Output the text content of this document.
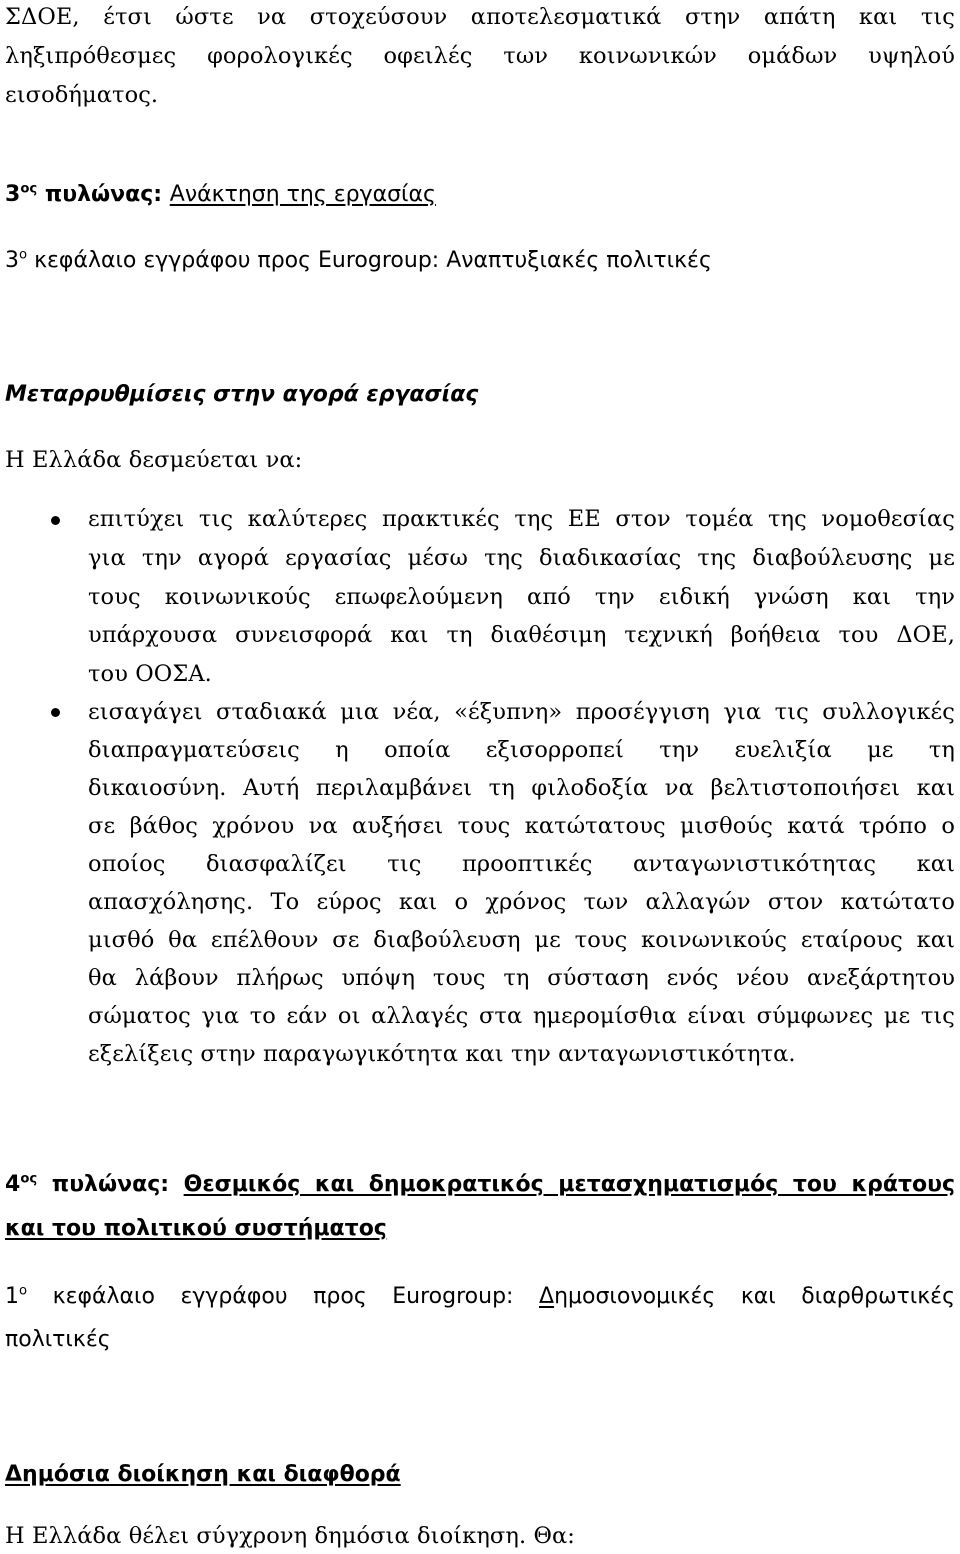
ΣΔΟΕ, έτσι ώστε να στοχεύσουν αποτελεσματικά στην απάτη και τις
ληξιπρόθεσμες φορολογικές οφειλές των κοινωνικών ομάδων υψηλού
εισοδήματος.
$3^{o\varsigma}$ πυλώνας: Ανάκτηση της εργασίας
$3^o$ κεφάλαιο εγγράφου προς Eurogroup: Αναπτυξιακές πολιτικές
Μεταρρυθμίσεις στην αγορά εργασίας
Η Ελλάδα δεσμεύεται να:
επιτύχει τις καλύτερες πρακτικές της ΕΕ στον τομέα της νομοθεσίας
για την αγορά εργασίας μέσω της διαδικασίας της διαβούλευσης με
τους κοινωνικούς επωφελούμενη από την ειδική γνώση και την
υπάρχουσα συνεισφορά και τη διαθέσιμη τεχνική βοήθεια του ΔΟΕ,
του ΟΟΣΑ.
εισαγάγει σταδιακά μια νέα, «έξυπνη» προσέγγιση για τις συλλογικές
διαπραγματεύσεις η οποία εξισορροπεί την ευελιξία με τη
δικαιοσύνη. Αυτή περιλαμβάνει τη φιλοδοξία να βελτιστοποιήσει και
σε βάθος χρόνου να αυξήσει τους κατώτατους μισθούς κατά τρόπο ο
οποίος διασφαλίζει τις προοπτικές ανταγωνιστικότητας και
απασχόλησης. Το εύρος και ο χρόνος των αλλαγών στον κατώτατο
μισθό θα επέλθουν σε διαβούλευση με τους κοινωνικούς εταίρους και
θα λάβουν πλήρως υπόψη τους τη σύσταση ενός νέου ανεξάρτητου
σώματος για το εάν οι αλλαγές στα ημερομίσθια είναι σύμφωνες με τις
εξελίξεις στην παραγωγικότητα και την ανταγωνιστικότητα.
$4^{o\varsigma}$ πυλώνας: Θεσμικός και δημοκρατικός μετασχηματισμός του κράτους
και του πολιτικού συστήματος
$1^o$ κεφάλαιο εγγράφου προς Eurogroup: Δημοσιονομικές και διαρθρωτικές
πολιτικές
Δημόσια διοίκηση και διαφθορά
Η Ελλάδα θέλει σύγχρονη δημόσια διοίκηση. Θα:
